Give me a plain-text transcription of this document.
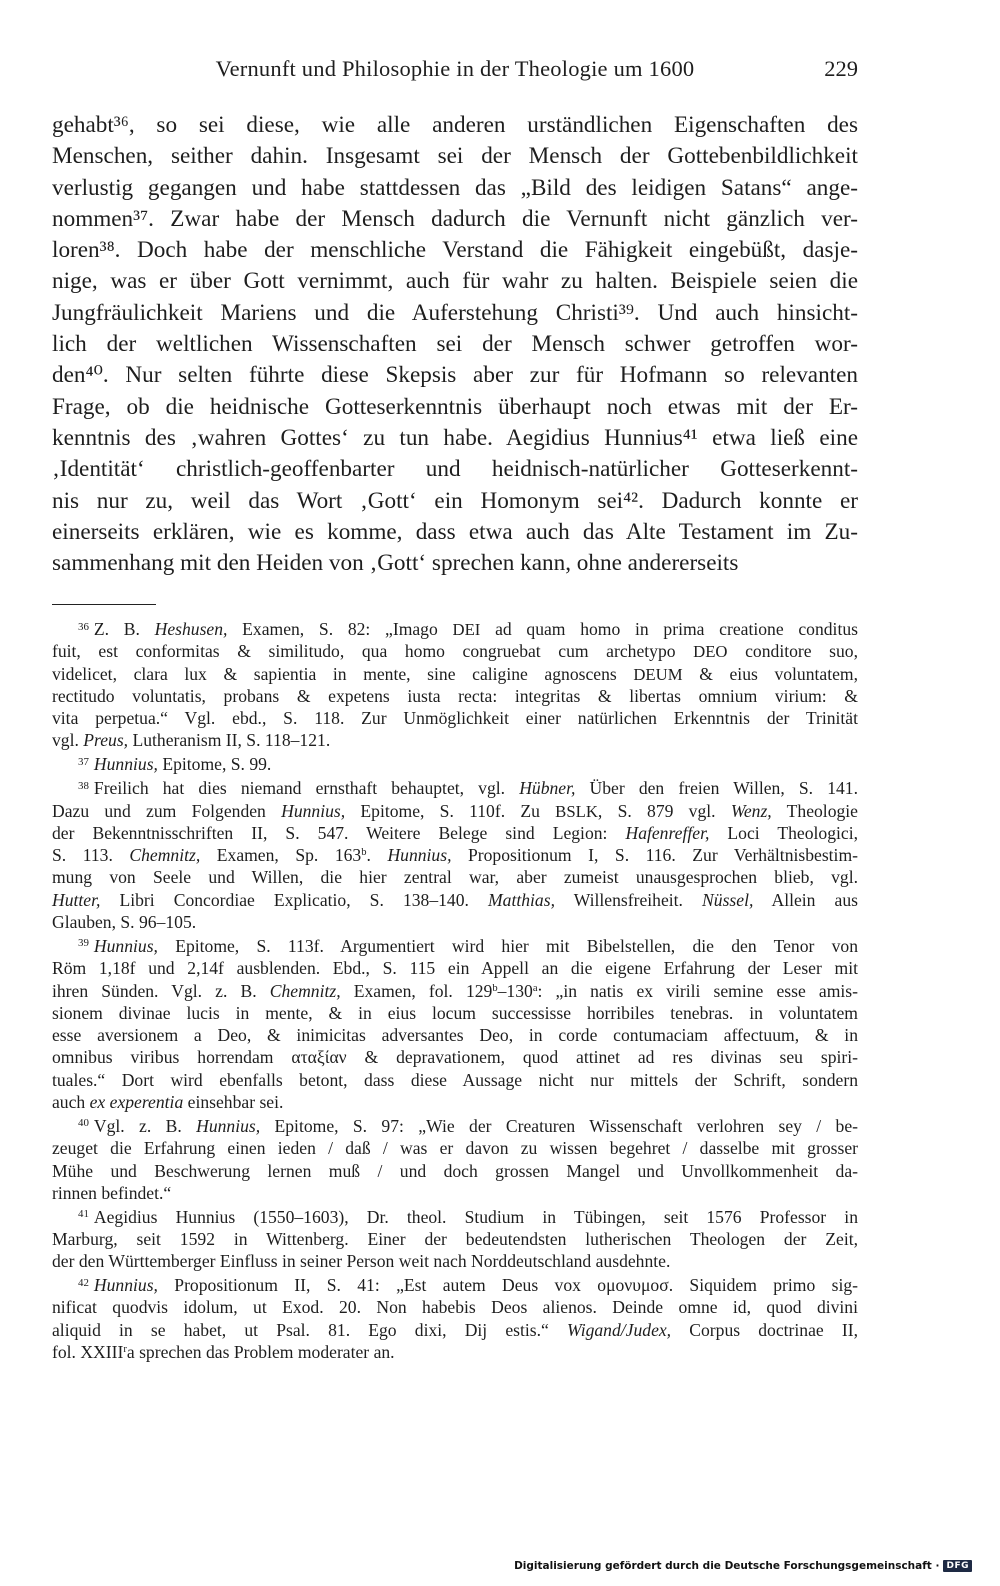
Vernunft und Philosophie in der Theologie um 1600	229
gehabt³⁶, so sei diese, wie alle anderen urständlichen Eigenschaften des
Menschen, seither dahin. Insgesamt sei der Mensch der Gottebenbildlichkeit
verlustig gegangen und habe stattdessen das „Bild des leidigen Satans“ ange-
nommen³⁷. Zwar habe der Mensch dadurch die Vernunft nicht gänzlich ver-
loren³⁸. Doch habe der menschliche Verstand die Fähigkeit eingebüßt, dasje-
nige, was er über Gott vernimmt, auch für wahr zu halten. Beispiele seien die
Jungfräulichkeit Mariens und die Auferstehung Christi³⁹. Und auch hinsicht-
lich der weltlichen Wissenschaften sei der Mensch schwer getroffen wor-
den⁴⁰. Nur selten führte diese Skepsis aber zur für Hofmann so relevanten
Frage, ob die heidnische Gotteserkenntnis überhaupt noch etwas mit der Er-
kenntnis des ‚wahren Gottes‘ zu tun habe. Aegidius Hunnius⁴¹ etwa ließ eine
‚Identität‘ christlich-geoffenbarter und heidnisch-natürlicher Gotteserkennt-
nis nur zu, weil das Wort ‚Gott‘ ein Homonym sei⁴². Dadurch konnte er
einerseits erklären, wie es komme, dass etwa auch das Alte Testament im Zu-
sammenhang mit den Heiden von ‚Gott‘ sprechen kann, ohne andererseits
$^{36}$ Z. B. Heshusen, Examen, S. 82: „Imago DEI ad quam homo in prima creatione conditus
fuit, est conformitas & similitudo, qua homo congruebat cum archetypo DEO conditore suo,
videlicet, clara lux & sapientia in mente, sine caligine agnoscens DEUM & eius voluntatem,
rectitudo voluntatis, probans & expetens iusta recta: integritas & libertas omnium virium: &
vita perpetua.“ Vgl. ebd., S. 118. Zur Unmöglichkeit einer natürlichen Erkenntnis der Trinität
vgl. Preus, Lutheranism II, S. 118–121.
$^{37}$ Hunnius, Epitome, S. 99.
$^{38}$ Freilich hat dies niemand ernsthaft behauptet, vgl. Hübner, Über den freien Willen, S. 141.
Dazu und zum Folgenden Hunnius, Epitome, S. 110f. Zu BSLK, S. 879 vgl. Wenz, Theologie
der Bekenntnisschriften II, S. 547. Weitere Belege sind Legion: Hafenreffer, Loci Theologici,
S. 113. Chemnitz, Examen, Sp. 163$^b$. Hunnius, Propositionum I, S. 116. Zur Verhältnisbestim-
mung von Seele und Willen, die hier zentral war, aber zumeist unausgesprochen blieb, vgl.
Hutter, Libri Concordiae Explicatio, S. 138–140. Matthias, Willensfreiheit. Nüssel, Allein aus
Glauben, S. 96–105.
$^{39}$ Hunnius, Epitome, S. 113f. Argumentiert wird hier mit Bibelstellen, die den Tenor von
Röm 1,18f und 2,14f ausblenden. Ebd., S. 115 ein Appell an die eigene Erfahrung der Leser mit
ihren Sünden. Vgl. z. B. Chemnitz, Examen, fol. 129$^b$–130$^a$: „in natis ex virili semine esse amis-
sionem divinae lucis in mente, & in eius locum successisse horribiles tenebras. in voluntatem
esse aversionem a Deo, & inimicitas adversantes Deo, in corde contumaciam affectuum, & in
omnibus viribus horrendam αταξίαν & depravationem, quod attinet ad res divinas seu spiri-
tuales.“ Dort wird ebenfalls betont, dass diese Aussage nicht nur mittels der Schrift, sondern
auch ex experentia einsehbar sei.
$^{40}$ Vgl. z. B. Hunnius, Epitome, S. 97: „Wie der Creaturen Wissenschaft verlohren sey / be-
zeuget die Erfahrung einen ieden / daß / was er davon zu wissen begehret / dasselbe mit grosser
Mühe und Beschwerung lernen muß / und doch grossen Mangel und Unvollkommenheit da-
rinnen befindet.“
$^{41}$ Aegidius Hunnius (1550–1603), Dr. theol. Studium in Tübingen, seit 1576 Professor in
Marburg, seit 1592 in Wittenberg. Einer der bedeutendsten lutherischen Theologen der Zeit,
der den Württemberger Einfluss in seiner Person weit nach Norddeutschland ausdehnte.
$^{42}$ Hunnius, Propositionum II, S. 41: „Est autem Deus vox ομονυμοσ. Siquidem primo sig-
nificat quodvis idolum, ut Exod. 20. Non habebis Deos alienos. Deinde omne id, quod divini
aliquid in se habet, ut Psal. 81. Ego dixi, Dij estis.“ Wigand/Judex, Corpus doctrinae II,
fol. XXIII$^r$a sprechen das Problem moderater an.
Digitalisierung gefördert durch die Deutsche Forschungsgemeinschaft · DFG
